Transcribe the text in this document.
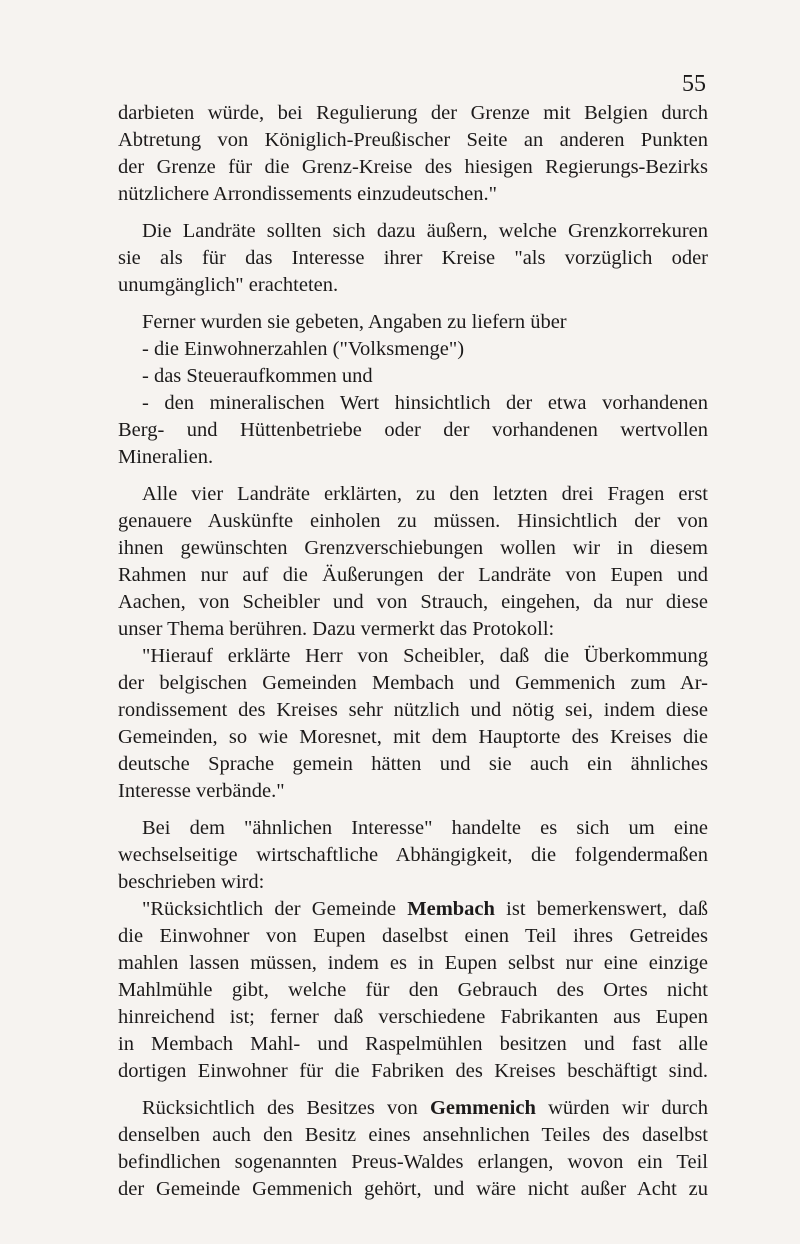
55
darbieten würde, bei Regulierung der Grenze mit Belgien durch
Abtretung von Königlich-Preußischer Seite an anderen Punkten
der Grenze für die Grenz-Kreise des hiesigen Regierungs-Bezirks
nützlichere Arrondissements einzudeutschen."
Die Landräte sollten sich dazu äußern, welche Grenzkorrekuren
sie als für das Interesse ihrer Kreise "als vorzüglich oder
unumgänglich" erachteten.
Ferner wurden sie gebeten, Angaben zu liefern über
- die Einwohnerzahlen ("Volksmenge")
- das Steueraufkommen und
- den mineralischen Wert hinsichtlich der etwa vorhandenen
Berg- und Hüttenbetriebe oder der vorhandenen wertvollen
Mineralien.
Alle vier Landräte erklärten, zu den letzten drei Fragen erst
genauere Auskünfte einholen zu müssen. Hinsichtlich der von
ihnen gewünschten Grenzverschiebungen wollen wir in diesem
Rahmen nur auf die Äußerungen der Landräte von Eupen und
Aachen, von Scheibler und von Strauch, eingehen, da nur diese
unser Thema berühren. Dazu vermerkt das Protokoll:
"Hierauf erklärte Herr von Scheibler, daß die Überkommung
der belgischen Gemeinden Membach und Gemmenich zum Ar-
rondissement des Kreises sehr nützlich und nötig sei, indem diese
Gemeinden, so wie Moresnet, mit dem Hauptorte des Kreises die
deutsche Sprache gemein hätten und sie auch ein ähnliches
Interesse verbände."
Bei dem "ähnlichen Interesse" handelte es sich um eine
wechselseitige wirtschaftliche Abhängigkeit, die folgendermaßen
beschrieben wird:
"Rücksichtlich der Gemeinde Membach ist bemerkenswert, daß
die Einwohner von Eupen daselbst einen Teil ihres Getreides
mahlen lassen müssen, indem es in Eupen selbst nur eine einzige
Mahlmühle gibt, welche für den Gebrauch des Ortes nicht
hinreichend ist; ferner daß verschiedene Fabrikanten aus Eupen
in Membach Mahl- und Raspelmühlen besitzen und fast alle
dortigen Einwohner für die Fabriken des Kreises beschäftigt sind.
Rücksichtlich des Besitzes von Gemmenich würden wir durch
denselben auch den Besitz eines ansehnlichen Teiles des daselbst
befindlichen sogenannten Preus-Waldes erlangen, wovon ein Teil
der Gemeinde Gemmenich gehört, und wäre nicht außer Acht zu
